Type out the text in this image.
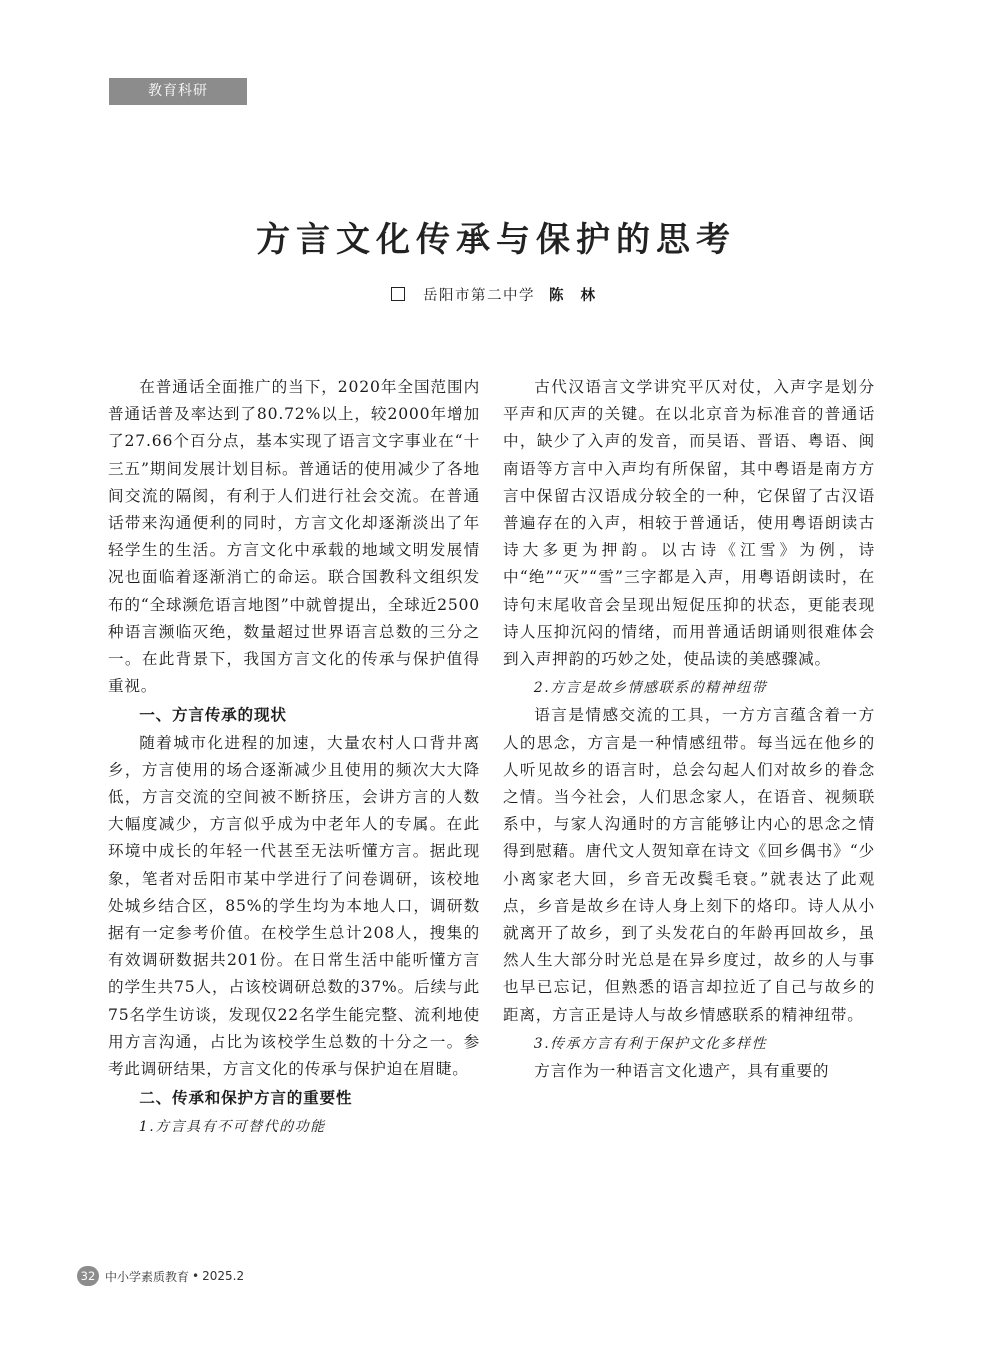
教育科研
方言文化传承与保护的思考
岳阳市第二中学 陈 林

在普通话全面推广的当下，2020年全国范围内普通话普及率达到了80.72%以上，较2000年增加了27.66个百分点，基本实现了语言文字事业在“十三五”期间发展计划目标。普通话的使用减少了各地间交流的隔阂，有利于人们进行社会交流。在普通话带来沟通便利的同时，方言文化却逐渐淡出了年轻学生的生活。方言文化中承载的地域文明发展情况也面临着逐渐消亡的命运。联合国教科文组织发布的“全球濒危语言地图”中就曾提出，全球近2500种语言濒临灭绝，数量超过世界语言总数的三分之一。在此背景下，我国方言文化的传承与保护值得重视。

一、方言传承的现状

随着城市化进程的加速，大量农村人口背井离乡，方言使用的场合逐渐减少且使用的频次大大降低，方言交流的空间被不断挤压，会讲方言的人数大幅度减少，方言似乎成为中老年人的专属。在此环境中成长的年轻一代甚至无法听懂方言。据此现象，笔者对岳阳市某中学进行了问卷调研，该校地处城乡结合区，85%的学生均为本地人口，调研数据有一定参考价值。在校学生总计208人，搜集的有效调研数据共201份。在日常生活中能听懂方言的学生共75人，占该校调研总数的37%。后续与此75名学生访谈，发现仅22名学生能完整、流利地使用方言沟通，占比为该校学生总数的十分之一。参考此调研结果，方言文化的传承与保护迫在眉睫。

二、传承和保护方言的重要性
1.方言具有不可替代的功能

古代汉语言文学讲究平仄对仗，入声字是划分平声和仄声的关键。在以北京音为标准音的普通话中，缺少了入声的发音，而吴语、晋语、粤语、闽南语等方言中入声均有所保留，其中粤语是南方方言中保留古汉语成分较全的一种，它保留了古汉语普遍存在的入声，相较于普通话，使用粤语朗读古诗大多更为押韵。以古诗《江雪》为例，诗中“绝”“灭”“雪”三字都是入声，用粤语朗读时，在诗句末尾收音会呈现出短促压抑的状态，更能表现诗人压抑沉闷的情绪，而用普通话朗诵则很难体会到入声押韵的巧妙之处，使品读的美感骤减。

2.方言是故乡情感联系的精神纽带

语言是情感交流的工具，一方方言蕴含着一方人的思念，方言是一种情感纽带。每当远在他乡的人听见故乡的语言时，总会勾起人们对故乡的眷念之情。当今社会，人们思念家人，在语音、视频联系中，与家人沟通时的方言能够让内心的思念之情得到慰藉。唐代文人贺知章在诗文《回乡偶书》“少小离家老大回，乡音无改鬓毛衰。”就表达了此观点，乡音是故乡在诗人身上刻下的烙印。诗人从小就离开了故乡，到了头发花白的年龄再回故乡，虽然人生大部分时光总是在异乡度过，故乡的人与事也早已忘记，但熟悉的语言却拉近了自己与故乡的距离，方言正是诗人与故乡情感联系的精神纽带。

3.传承方言有利于保护文化多样性

方言作为一种语言文化遗产，具有重要的

32 中小学素质教育 • 2025.2
